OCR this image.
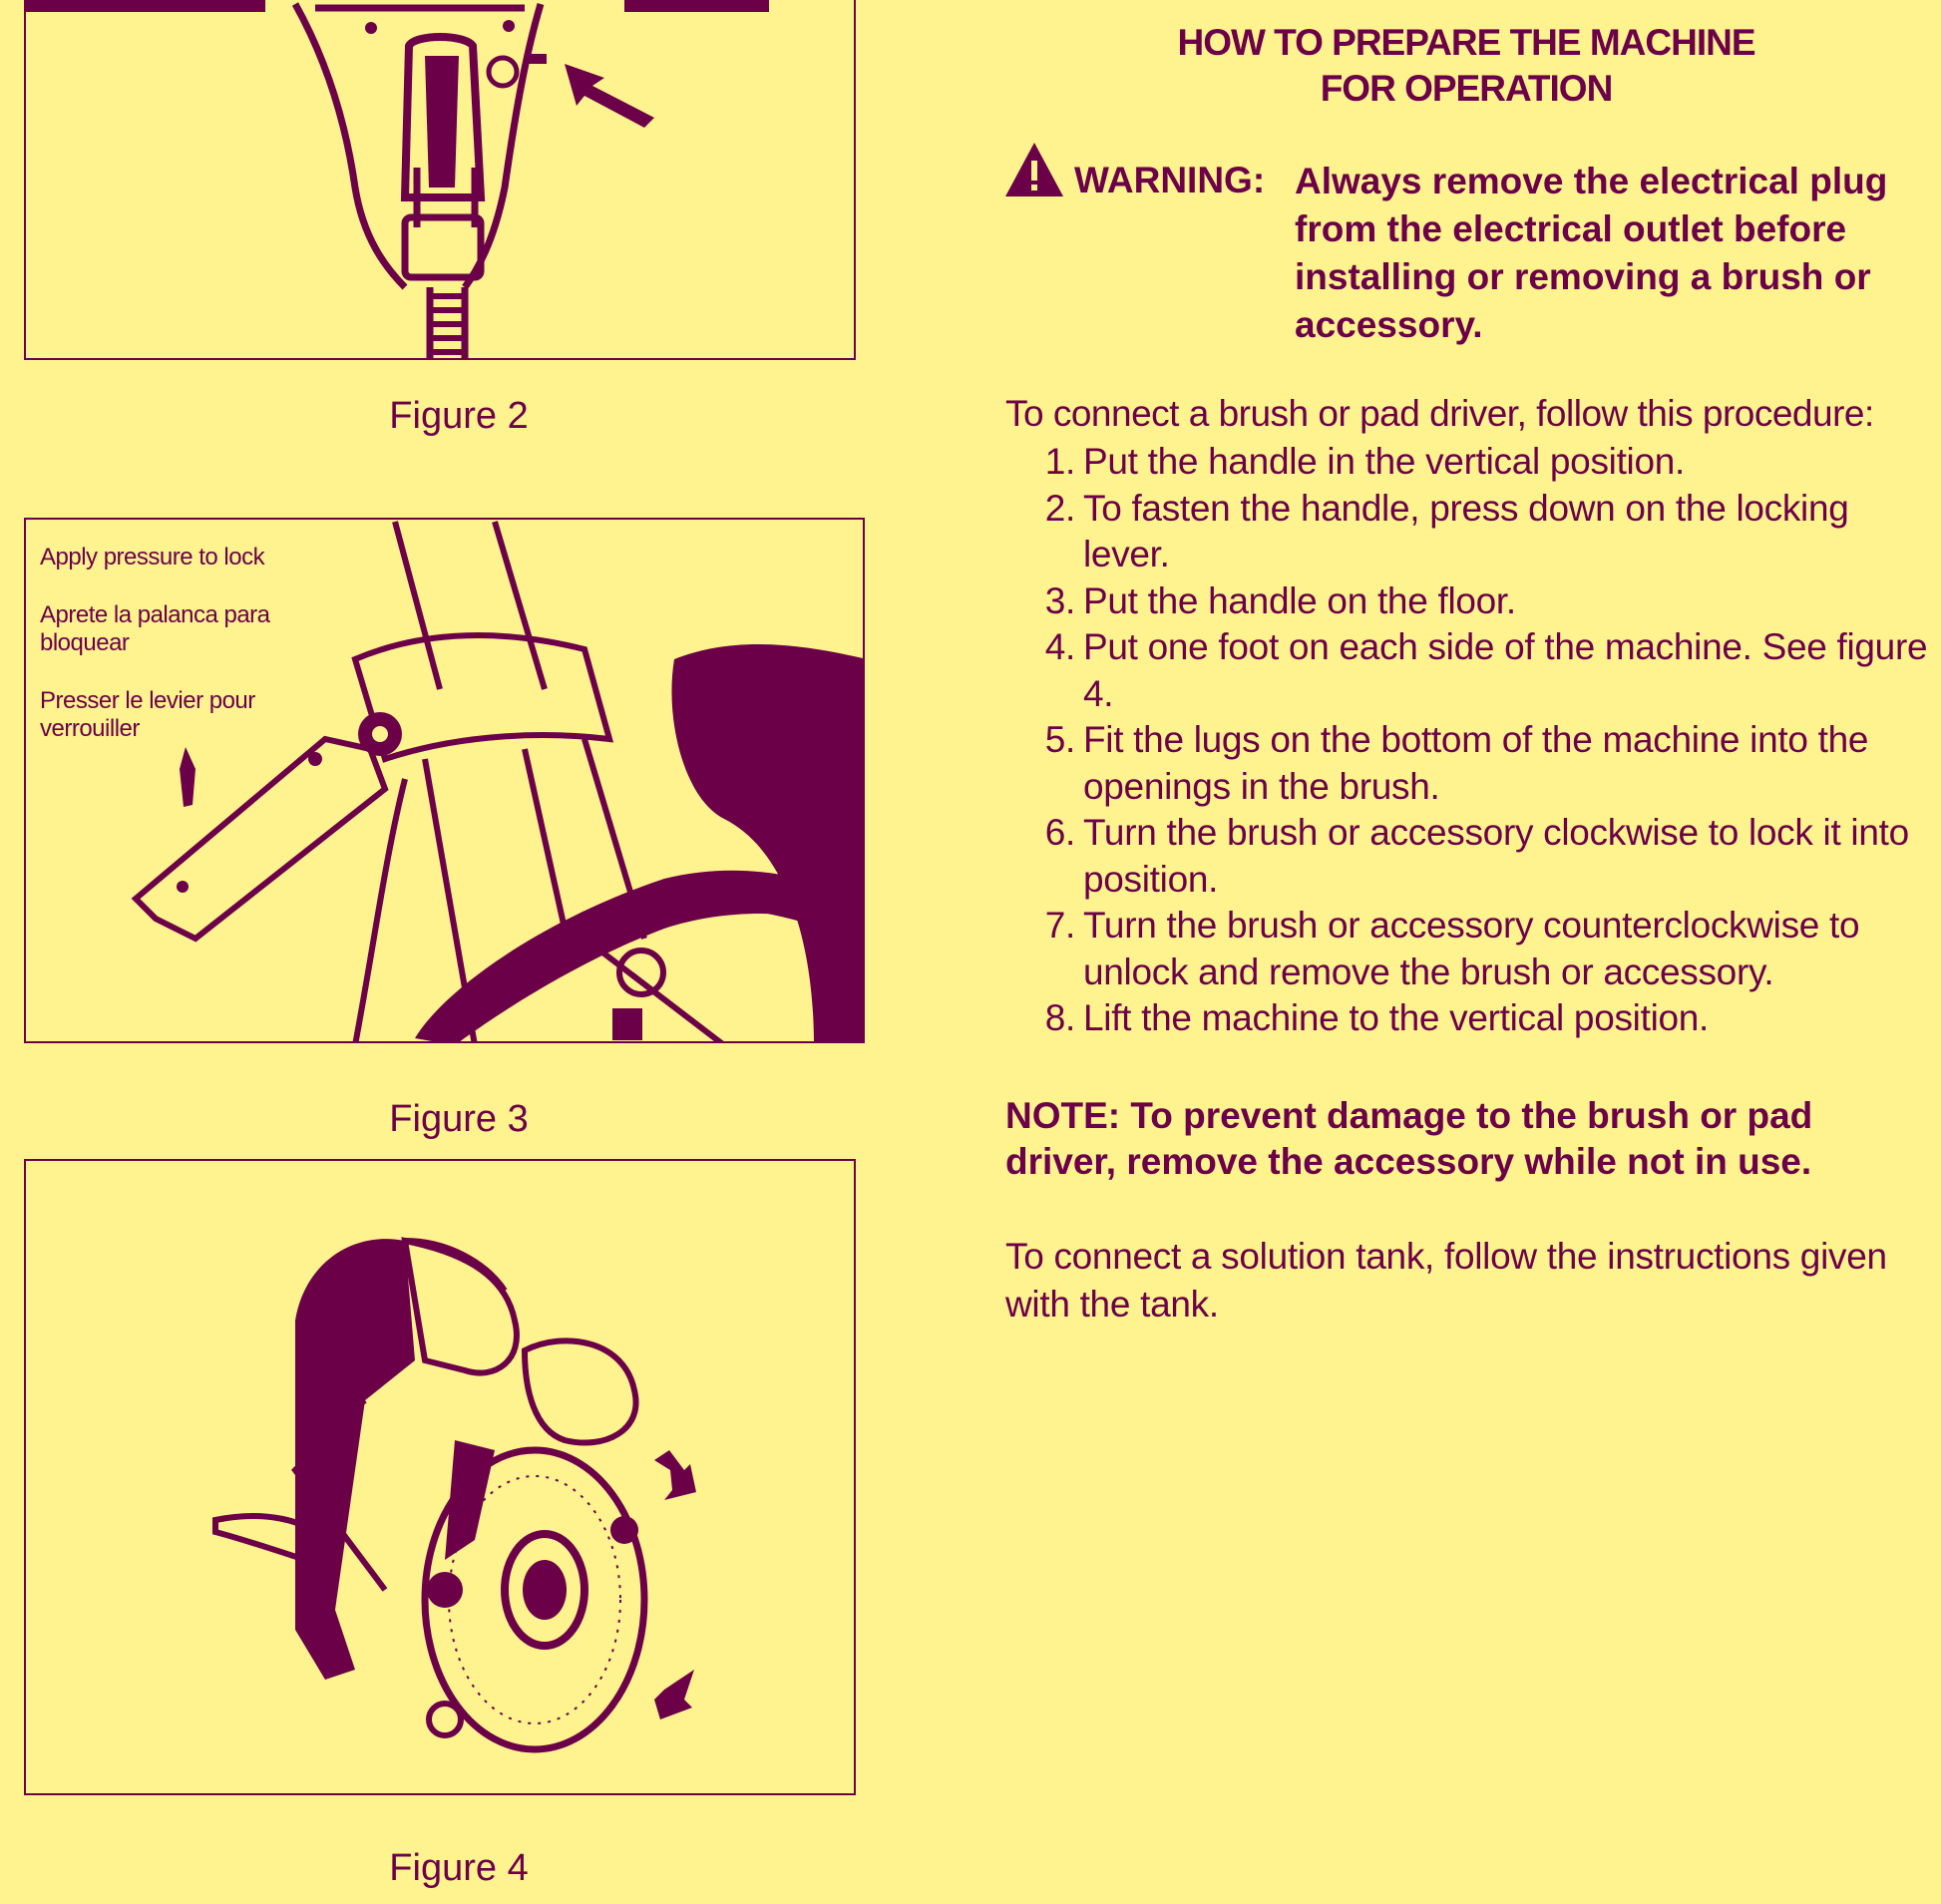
Figure 2
Apply pressure to lock
Aprete la palanca para bloquear
Presser le levier pour verrouiller
Figure 3
Figure 4
HOW TO PREPARE THE MACHINE
FOR OPERATION
WARNING: Always remove the electrical plug from the electrical outlet before installing or removing a brush or accessory.
To connect a brush or pad driver, follow this procedure:
1. Put the handle in the vertical position.
2. To fasten the handle, press down on the locking lever.
3. Put the handle on the floor.
4. Put one foot on each side of the machine. See figure 4.
5. Fit the lugs on the bottom of the machine into the openings in the brush.
6. Turn the brush or accessory clockwise to lock it into position.
7. Turn the brush or accessory counterclockwise to unlock and remove the brush or accessory.
8. Lift the machine to the vertical position.
NOTE: To prevent damage to the brush or pad driver, remove the accessory while not in use.
To connect a solution tank, follow the instructions given with the tank.
